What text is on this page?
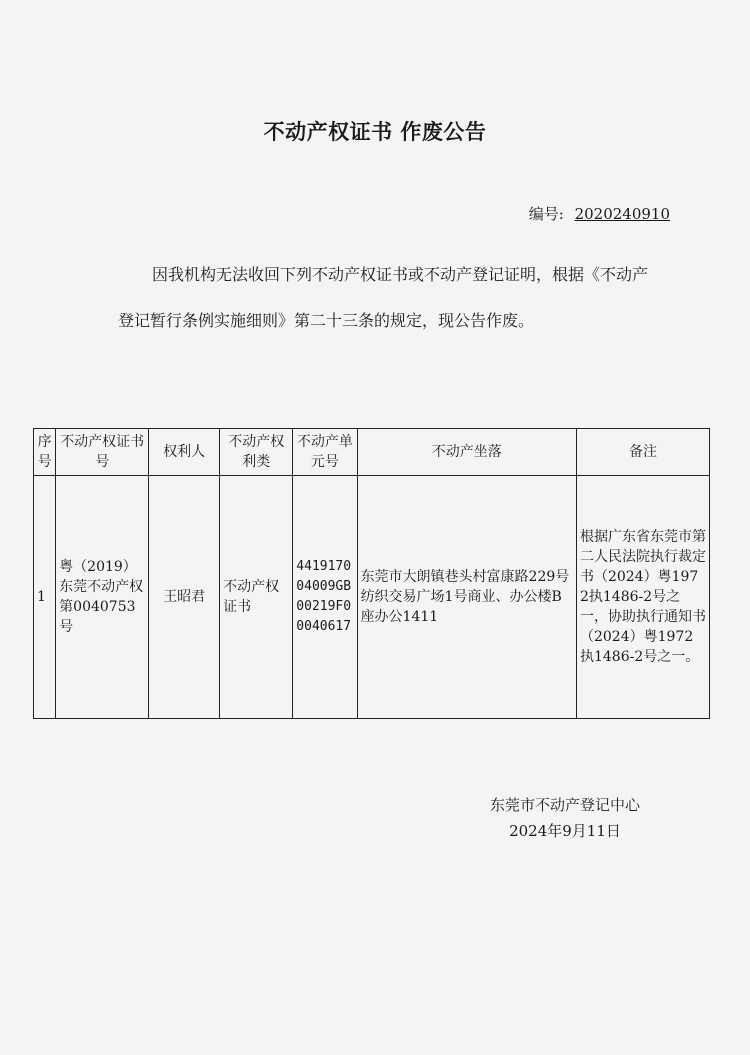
不动产权证书 作废公告
编号: 2020240910
因我机构无法收回下列不动产权证书或不动产登记证明，根据《不动产登记暂行条例实施细则》第二十三条的规定，现公告作废。
序号	不动产权证书号	权利人	不动产权利类	不动产单元号	不动产坐落	备注
1	粤（2019）东莞不动产权第0040753号	王昭君	不动产权证书	441917004009GB00219F00040617	东莞市大朗镇巷头村富康路229号纺织交易广场1号商业、办公楼B座办公1411	根据广东省东莞市第二人民法院执行裁定书（2024）粤1972执1486-2号之一，协助执行通知书（2024）粤1972执1486-2号之一。
东莞市不动产登记中心
2024年9月11日
